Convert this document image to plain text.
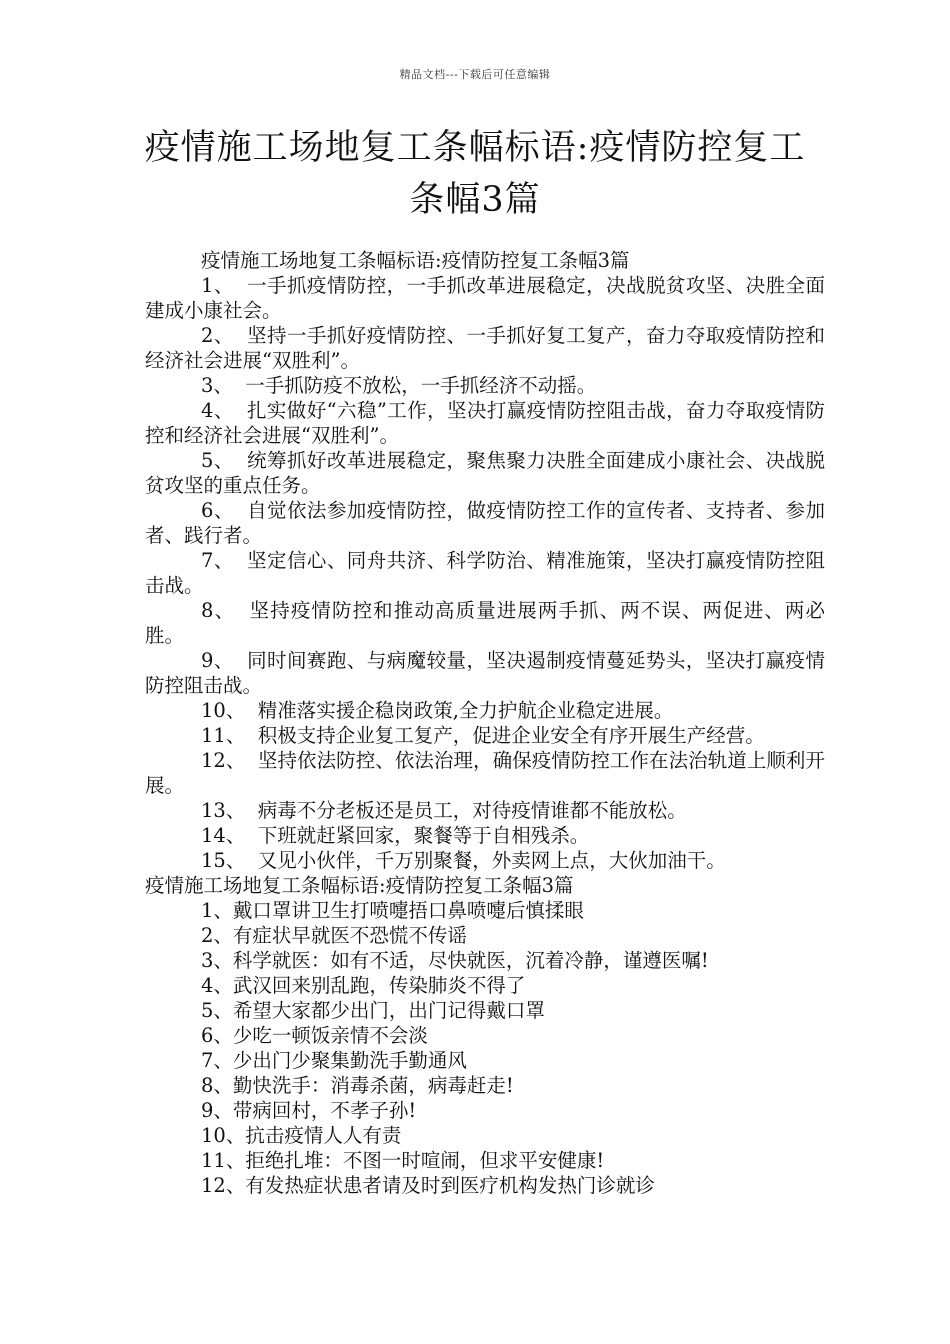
精品文档---下载后可任意编辑
疫情施工场地复工条幅标语:疫情防控复工
条幅3篇

疫情施工场地复工条幅标语:疫情防控复工条幅3篇

1、  一手抓疫情防控，一手抓改革进展稳定，决战脱贫攻坚、决胜全面建成小康社会。

2、  坚持一手抓好疫情防控、一手抓好复工复产，奋力夺取疫情防控和经济社会进展“双胜利”。

3、  一手抓防疫不放松，一手抓经济不动摇。

4、  扎实做好“六稳”工作，坚决打赢疫情防控阻击战，奋力夺取疫情防控和经济社会进展“双胜利”。

5、  统筹抓好改革进展稳定，聚焦聚力决胜全面建成小康社会、决战脱贫攻坚的重点任务。

6、  自觉依法参加疫情防控，做疫情防控工作的宣传者、支持者、参加者、践行者。

7、  坚定信心、同舟共济、科学防治、精准施策，坚决打赢疫情防控阻击战。

8、  坚持疫情防控和推动高质量进展两手抓、两不误、两促进、两必胜。

9、  同时间赛跑、与病魔较量，坚决遏制疫情蔓延势头，坚决打赢疫情防控阻击战。

10、  精准落实援企稳岗政策,全力护航企业稳定进展。

11、  积极支持企业复工复产，促进企业安全有序开展生产经营。

12、  坚持依法防控、依法治理，确保疫情防控工作在法治轨道上顺利开展。

13、  病毒不分老板还是员工，对待疫情谁都不能放松。

14、  下班就赶紧回家，聚餐等于自相残杀。

15、  又见小伙伴，千万别聚餐，外卖网上点，大伙加油干。

疫情施工场地复工条幅标语:疫情防控复工条幅3篇

1、戴口罩讲卫生打喷嚏捂口鼻喷嚏后慎揉眼

2、有症状早就医不恐慌不传谣

3、科学就医：如有不适，尽快就医，沉着冷静，谨遵医嘱!

4、武汉回来别乱跑，传染肺炎不得了

5、希望大家都少出门，出门记得戴口罩

6、少吃一顿饭亲情不会淡

7、少出门少聚集勤洗手勤通风

8、勤快洗手：消毒杀菌，病毒赶走!

9、带病回村，不孝子孙!

10、抗击疫情人人有责

11、拒绝扎堆：不图一时喧闹，但求平安健康!

12、有发热症状患者请及时到医疗机构发热门诊就诊
